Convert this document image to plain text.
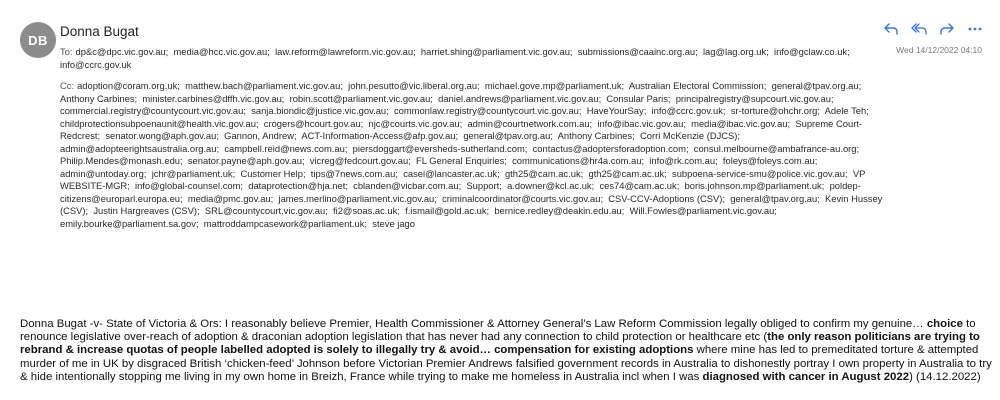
DB
Donna Bugat
Wed 14/12/2022 04:10
To: dp&c@dpc.vic.gov.au; media@hcc.vic.gov.au; law.reform@lawreform.vic.gov.au; harriet.shing@parliament.vic.gov.au; submissions@caainc.org.au; lag@lag.org.uk; info@gclaw.co.uk;  info@ccrc.gov.uk
Cc: adoption@coram.org.uk; matthew.bach@parliament.vic.gov.au; john.pesutto@vic.liberal.org.au; michael.gove.mp@parliament.uk; Australian Electoral Commission; general@tpav.org.au;  Anthony Carbines; minister.carbines@dffh.vic.gov.au; robin.scott@parliament.vic.gov.au; daniel.andrews@parliament.vic.gov.au; Consular Paris; principalregistry@supcourt.vic.gov.au;  commercial.registry@countycourt.vic.gov.au; sanja.biondic@justice.vic.gov.au; commonlaw.registry@countycourt.vic.gov.au; HaveYourSay; info@ccrc.gov.uk; sr-torture@ohchr.org; Adele Teh;  childprotectionsubpoenaunit@health.vic.gov.au; crogers@hcourt.gov.au; njc@courts.vic.gov.au; admin@courtnetwork.com.au; info@ibac.vic.gov.au; media@ibac.vic.gov.au; Supreme Court-Redcrest; senator.wong@aph.gov.au; Gannon, Andrew; ACT-Information-Access@afp.gov.au; general@tpav.org.au; Anthony Carbines; Corri McKenzie (DJCS);  admin@adopteerightsaustralia.org.au; campbell.reid@news.com.au; piersdoggart@eversheds-sutherland.com; contactus@adoptersforadoption.com; consul.melbourne@ambafrance-au.org;  Philip.Mendes@monash.edu; senator.payne@aph.gov.au; vicreg@fedcourt.gov.au; FL General Enquiries; communications@hr4a.com.au; info@rk.com.au; foleys@foleys.com.au;  admin@untoday.org; jchr@parliament.uk; Customer Help; tips@7news.com.au; casei@lancaster.ac.uk; gth25@cam.ac.uk; gth25@cam.ac.uk; subpoena-service-smu@police.vic.gov.au; VP WEBSITE-MGR; info@global-counsel.com; dataprotection@hja.net; cblanden@vicbar.com.au; Support; a.downer@kcl.ac.uk; ces74@cam.ac.uk; boris.johnson.mp@parliament.uk; poldep-citizens@europarl.europa.eu; media@pmc.gov.au; james.merlino@parliament.vic.gov.au; criminalcoordinator@courts.vic.gov.au; CSV-CCV-Adoptions (CSV); general@tpav.org.au; Kevin Hussey (CSV); Justin Hargreaves (CSV); SRL@countycourt.vic.gov.au; fi2@soas.ac.uk; f.ismail@gold.ac.uk; bernice.redley@deakin.edu.au; Will.Fowles@parliament.vic.gov.au;  emily.bourke@parliament.sa.gov; mattroddampcasework@parliament.uk; steve jago

Donna Bugat -v- State of Victoria & Ors: I reasonably believe Premier, Health Commissioner & Attorney General’s Law Reform Commission legally obliged to confirm my genuine… choice to renounce legislative over-reach of adoption & draconian adoption legislation that has never had any connection to child protection or healthcare etc (the only reason politicians are trying to rebrand & increase quotas of people labelled adopted is solely to illegally try & avoid… compensation for existing adoptions where mine has led to premeditated torture & attempted murder of me in UK by disgraced British ‘chicken-feed’ Johnson before Victorian Premier Andrews falsified government records in Australia to dishonestly portray I own property in Australia to try & hide intentionally stopping me living in my own home in Breizh, France while trying to make me homeless in Australia incl when I was diagnosed with cancer in August 2022) (14.12.2022)
